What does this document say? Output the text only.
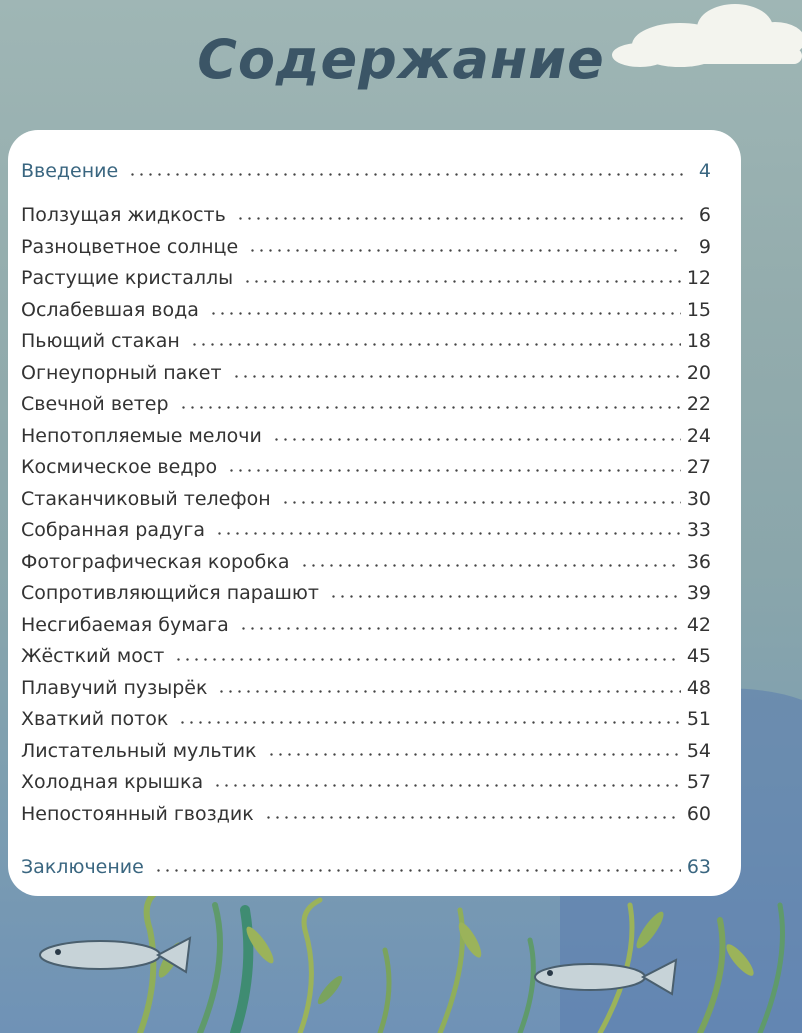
Содержание
Введение	4
Ползущая жидкость	6
Разноцветное солнце	9
Растущие кристаллы	12
Ослабевшая вода	15
Пьющий стакан	18
Огнеупорный пакет	20
Свечной ветер	22
Непотопляемые мелочи	24
Космическое ведро	27
Стаканчиковый телефон	30
Собранная радуга	33
Фотографическая коробка	36
Сопротивляющийся парашют	39
Несгибаемая бумага	42
Жёсткий мост	45
Плавучий пузырёк	48
Хваткий поток	51
Листательный мультик	54
Холодная крышка	57
Непостоянный гвоздик	60
Заключение	63
